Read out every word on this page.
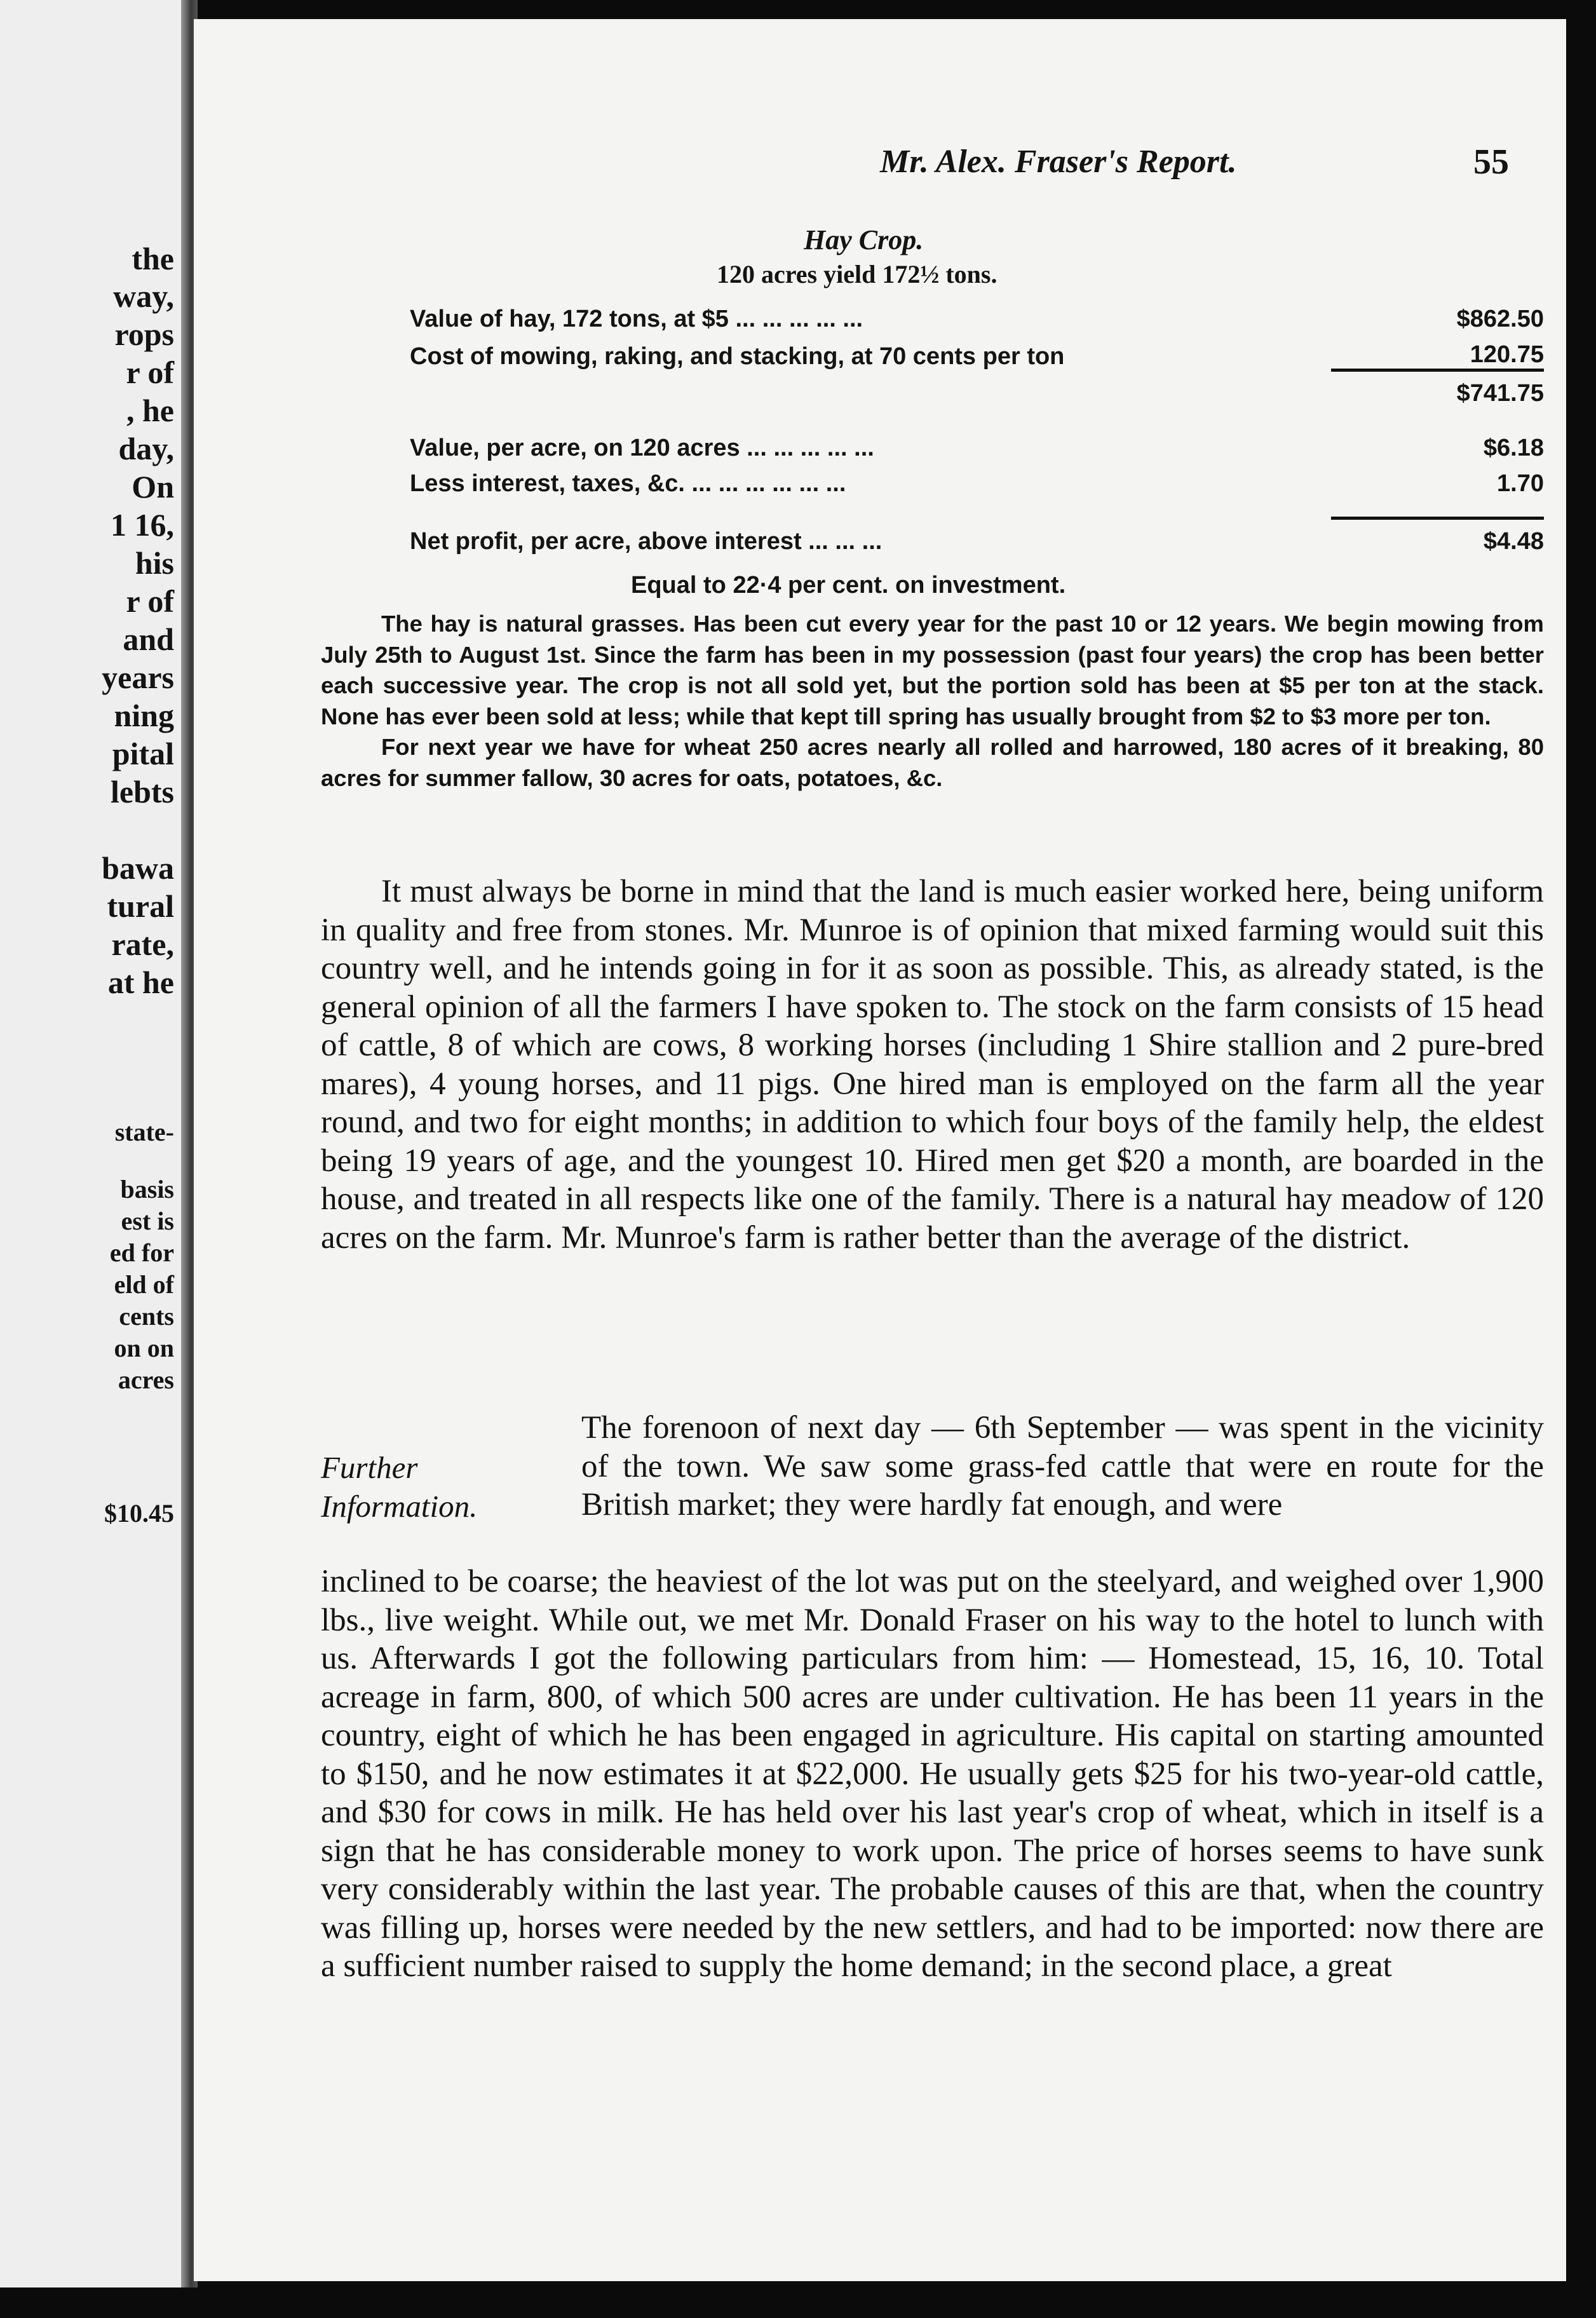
the
way,
rops
r of
, he
day,
On
1 16,
his
r of
and
years
ning
pital
lebts
bawa
tural
rate,
at he
state-
basis
est is
ed for
eld of
cents
on on
acres
$10.45
Mr. Alex. Fraser's Report.	55
Hay Crop.
120 acres yield 172½ tons.
Value of hay, 172 tons, at $5 ... ... ... ... ...	$862.50
Cost of mowing, raking, and stacking, at 70 cents per ton	120.75
	$741.75

Value, per acre, on 120 acres ... ... ... ... ...	$6.18
Less interest, taxes, &c. ... ... ... ... ... ...	1.70

Net profit, per acre, above interest ... ... ...	$4.48
Equal to 22·4 per cent. on investment.

The hay is natural grasses. Has been cut every year for the past 10 or 12 years. We begin mowing from July 25th to August 1st. Since the farm has been in my possession (past four years) the crop has been better each successive year. The crop is not all sold yet, but the portion sold has been at $5 per ton at the stack. None has ever been sold at less; while that kept till spring has usually brought from $2 to $3 more per ton.

For next year we have for wheat 250 acres nearly all rolled and harrowed, 180 acres of it breaking, 80 acres for summer fallow, 30 acres for oats, potatoes, &c.

It must always be borne in mind that the land is much easier worked here, being uniform in quality and free from stones. Mr. Munroe is of opinion that mixed farming would suit this country well, and he intends going in for it as soon as possible. This, as already stated, is the general opinion of all the farmers I have spoken to. The stock on the farm consists of 15 head of cattle, 8 of which are cows, 8 working horses (including 1 Shire stallion and 2 pure-bred mares), 4 young horses, and 11 pigs. One hired man is employed on the farm all the year round, and two for eight months; in addition to which four boys of the family help, the eldest being 19 years of age, and the youngest 10. Hired men get $20 a month, are boarded in the house, and treated in all respects like one of the family. There is a natural hay meadow of 120 acres on the farm. Mr. Munroe's farm is rather better than the average of the district.

Further Information.
The forenoon of next day — 6th September — was spent in the vicinity of the town. We saw some grass-fed cattle that were en route for the British market; they were hardly fat enough, and were

inclined to be coarse; the heaviest of the lot was put on the steelyard, and weighed over 1,900 lbs., live weight. While out, we met Mr. Donald Fraser on his way to the hotel to lunch with us. Afterwards I got the following particulars from him: — Homestead, 15, 16, 10. Total acreage in farm, 800, of which 500 acres are under cultivation. He has been 11 years in the country, eight of which he has been engaged in agriculture. His capital on starting amounted to $150, and he now estimates it at $22,000. He usually gets $25 for his two-year-old cattle, and $30 for cows in milk. He has held over his last year's crop of wheat, which in itself is a sign that he has considerable money to work upon. The price of horses seems to have sunk very considerably within the last year. The probable causes of this are that, when the country was filling up, horses were needed by the new settlers, and had to be imported: now there are a sufficient number raised to supply the home demand; in the second place, a great
